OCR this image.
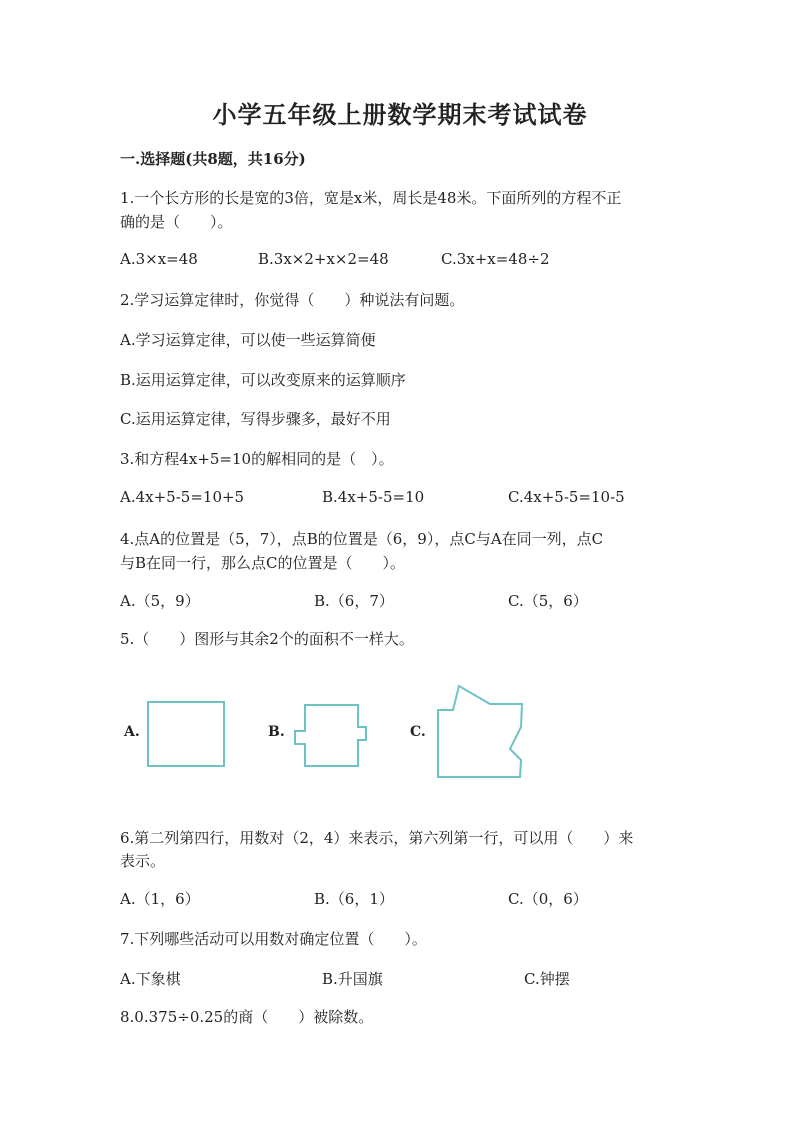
小学五年级上册数学期末考试试卷
一.选择题(共8题，共16分)
1.一个长方形的长是宽的3倍，宽是x米，周长是48米。下面所列的方程不正
确的是（　　）。
A.3×x=48	B.3x×2+x×2=48	C.3x+x=48÷2
2.学习运算定律时，你觉得（　　）种说法有问题。
A.学习运算定律，可以使一些运算简便
B.运用运算定律，可以改变原来的运算顺序
C.运用运算定律，写得步骤多，最好不用
3.和方程4x+5=10的解相同的是（　）。
A.4x+5-5=10+5	B.4x+5-5=10	C.4x+5-5=10-5
4.点A的位置是（5，7），点B的位置是（6，9），点C与A在同一列，点C
与B在同一行，那么点C的位置是（　　）。
A.（5，9）	B.（6，7）	C.（5，6）
5.（　　）图形与其余2个的面积不一样大。
A.	B.	C.
6.第二列第四行，用数对（2，4）来表示，第六列第一行，可以用（　　）来
表示。
A.（1，6）	B.（6，1）	C.（0，6）
7.下列哪些活动可以用数对确定位置（　　）。
A.下象棋	B.升国旗	C.钟摆
8.0.375÷0.25的商（　　）被除数。
